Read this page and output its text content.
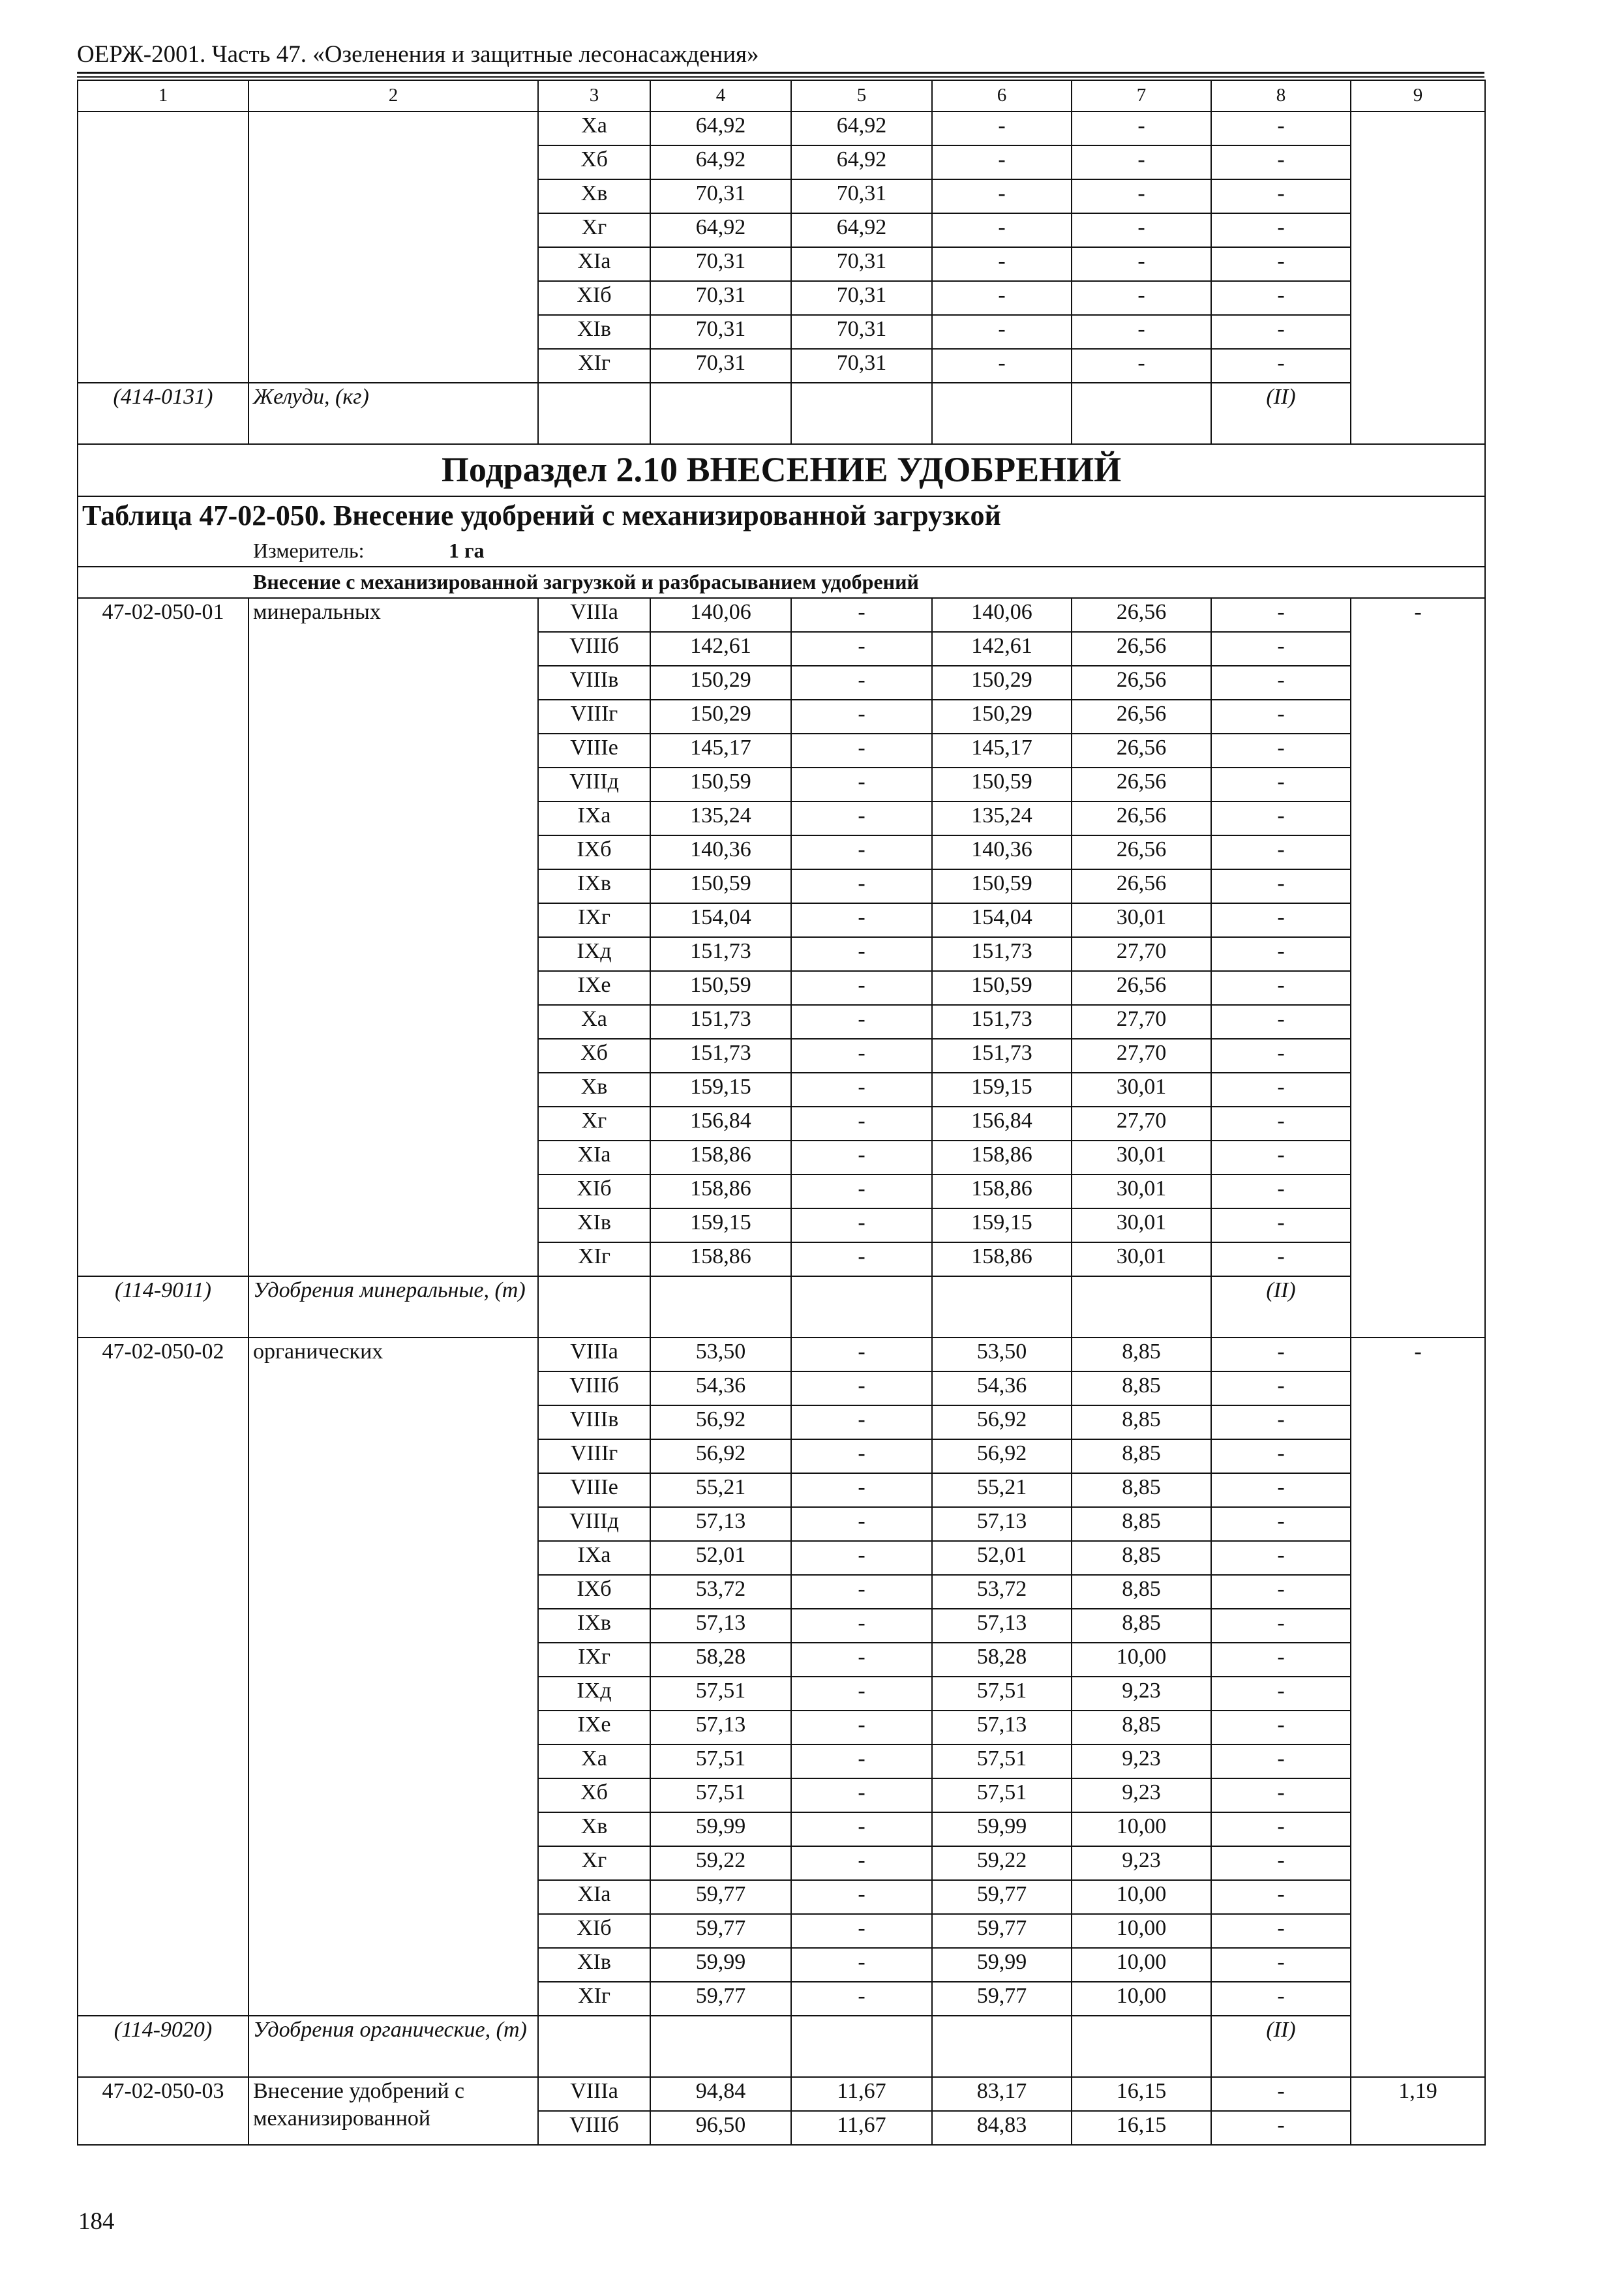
ОЕРЖ-2001. Часть 47. «Озеленения и защитные лесонасаждения»
1	2	3	4	5	6	7	8	9
		Xa	64,92	64,92	-	-	-	
		Xб	64,92	64,92	-	-	-	
		Xв	70,31	70,31	-	-	-	
		Xг	64,92	64,92	-	-	-	
		XIa	70,31	70,31	-	-	-	
		XIб	70,31	70,31	-	-	-	
		XIв	70,31	70,31	-	-	-	
		XIг	70,31	70,31	-	-	-	
(414-0131)	Желуди, (кг)						(II)	
Подраздел 2.10 ВНЕСЕНИЕ УДОБРЕНИЙ								
Таблица 47-02-050. Внесение удобрений с механизированной загрузкой								
Измеритель: 1 га								
Внесение с механизированной загрузкой и разбрасыванием удобрений								
47-02-050-01	минеральных	VIIIa	140,06	-	140,06	26,56	-	-
		VIIIб	142,61	-	142,61	26,56	-	
		VIIIв	150,29	-	150,29	26,56	-	
		VIIIг	150,29	-	150,29	26,56	-	
		VIIIе	145,17	-	145,17	26,56	-	
		VIIIд	150,59	-	150,59	26,56	-	
		IXa	135,24	-	135,24	26,56	-	
		IXб	140,36	-	140,36	26,56	-	
		IXв	150,59	-	150,59	26,56	-	
		IXг	154,04	-	154,04	30,01	-	
		IXд	151,73	-	151,73	27,70	-	
		IXе	150,59	-	150,59	26,56	-	
		Xa	151,73	-	151,73	27,70	-	
		Xб	151,73	-	151,73	27,70	-	
		Xв	159,15	-	159,15	30,01	-	
		Xг	156,84	-	156,84	27,70	-	
		XIa	158,86	-	158,86	30,01	-	
		XIб	158,86	-	158,86	30,01	-	
		XIв	159,15	-	159,15	30,01	-	
		XIг	158,86	-	158,86	30,01	-	
(114-9011)	Удобрения минеральные, (т)						(II)	
47-02-050-02	органических	VIIIa	53,50	-	53,50	8,85	-	-
		VIIIб	54,36	-	54,36	8,85	-	
		VIIIв	56,92	-	56,92	8,85	-	
		VIIIг	56,92	-	56,92	8,85	-	
		VIIIе	55,21	-	55,21	8,85	-	
		VIIIд	57,13	-	57,13	8,85	-	
		IXa	52,01	-	52,01	8,85	-	
		IXб	53,72	-	53,72	8,85	-	
		IXв	57,13	-	57,13	8,85	-	
		IXг	58,28	-	58,28	10,00	-	
		IXд	57,51	-	57,51	9,23	-	
		IXе	57,13	-	57,13	8,85	-	
		Xa	57,51	-	57,51	9,23	-	
		Xб	57,51	-	57,51	9,23	-	
		Xв	59,99	-	59,99	10,00	-	
		Xг	59,22	-	59,22	9,23	-	
		XIa	59,77	-	59,77	10,00	-	
		XIб	59,77	-	59,77	10,00	-	
		XIв	59,99	-	59,99	10,00	-	
		XIг	59,77	-	59,77	10,00	-	
(114-9020)	Удобрения органические, (т)						(II)	
47-02-050-03	Внесение удобрений с механизированной	VIIIa	94,84	11,67	83,17	16,15	-	1,19
		VIIIб	96,50	11,67	84,83	16,15	-	
184
